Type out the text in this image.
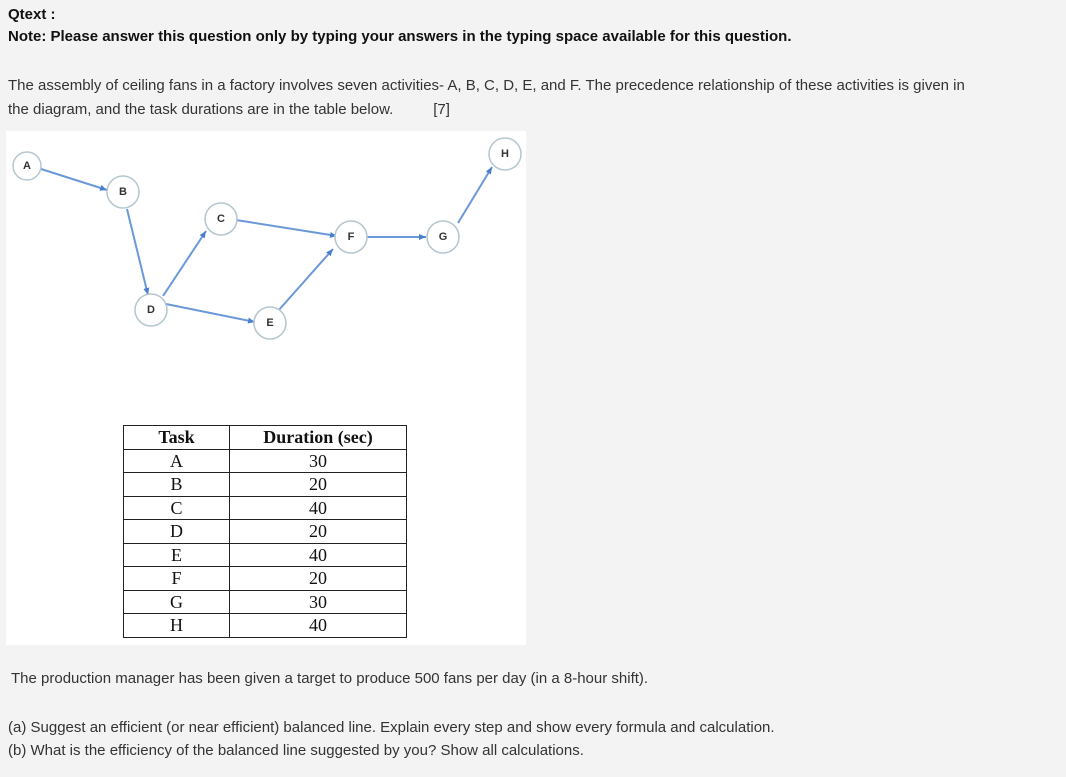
Qtext :
Note: Please answer this question only by typing your answers in the typing space available for this question.
The assembly of ceiling fans in a factory involves seven activities- A, B, C, D, E, and F. The precedence relationship of these activities is given in
the diagram, and the task durations are in the table below.	[7]
A
B
C
D
E
F	G
H
Task	Duration (sec)
A	30
B	20
C	40
D	20
E	40
F	20
G	30
H	40
The production manager has been given a target to produce 500 fans per day (in a 8-hour shift).
(a) Suggest an efficient (or near efficient) balanced line. Explain every step and show every formula and calculation.
(b) What is the efficiency of the balanced line suggested by you? Show all calculations.
